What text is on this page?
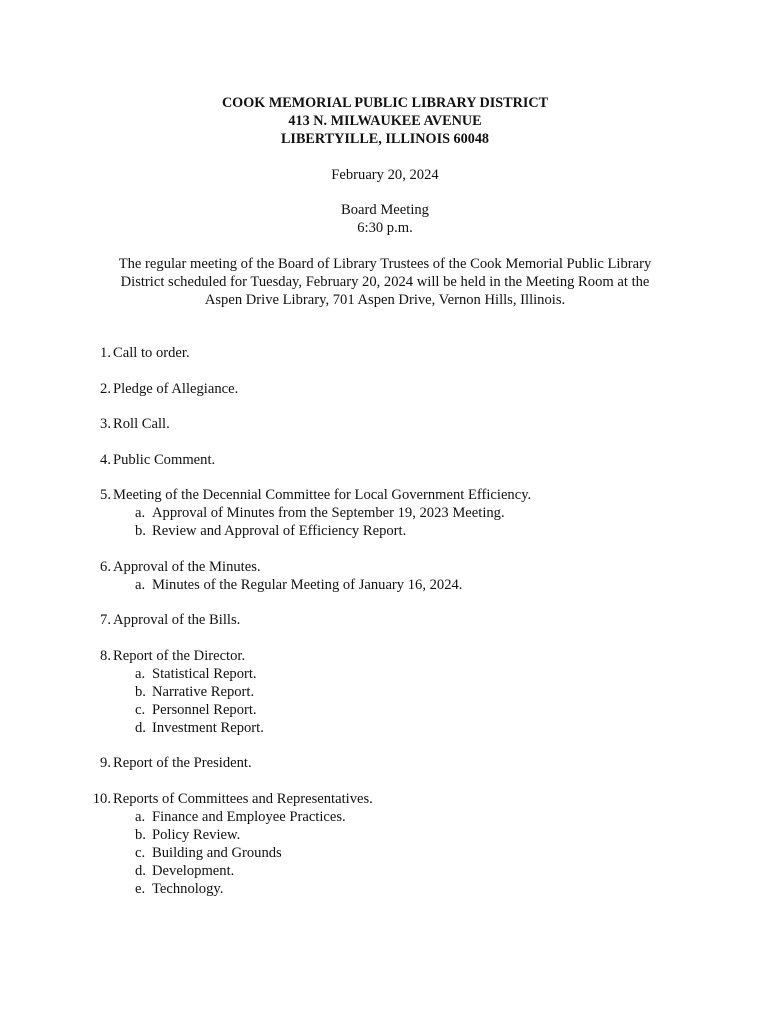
COOK MEMORIAL PUBLIC LIBRARY DISTRICT
413 N. MILWAUKEE AVENUE
LIBERTYILLE, ILLINOIS 60048
February 20, 2024
Board Meeting
6:30 p.m.
The regular meeting of the Board of Library Trustees of the Cook Memorial Public Library
District scheduled for Tuesday, February 20, 2024 will be held in the Meeting Room at the
Aspen Drive Library, 701 Aspen Drive, Vernon Hills, Illinois.
1. Call to order.
2. Pledge of Allegiance.
3. Roll Call.
4. Public Comment.
5. Meeting of the Decennial Committee for Local Government Efficiency.
a. Approval of Minutes from the September 19, 2023 Meeting.
b. Review and Approval of Efficiency Report.
6. Approval of the Minutes.
a. Minutes of the Regular Meeting of January 16, 2024.
7. Approval of the Bills.
8. Report of the Director.
a. Statistical Report.
b. Narrative Report.
c. Personnel Report.
d. Investment Report.
9. Report of the President.
10. Reports of Committees and Representatives.
a. Finance and Employee Practices.
b. Policy Review.
c. Building and Grounds
d. Development.
e. Technology.
